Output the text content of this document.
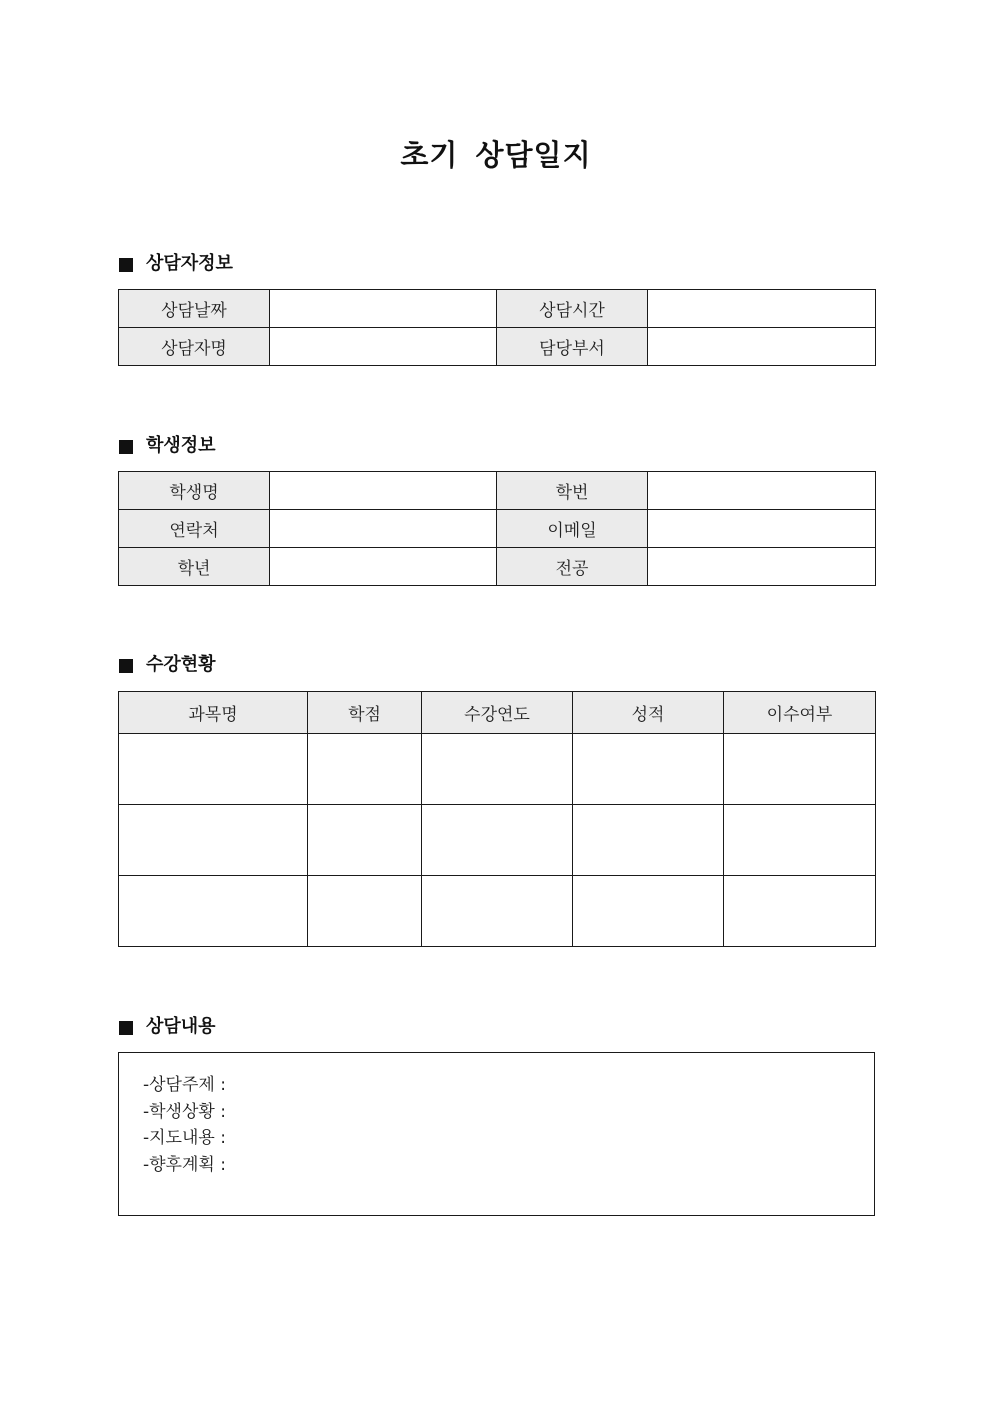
초기 상담일지
상담자정보
상담날짜		상담시간	
상담자명		담당부서	
학생정보
학생명		학번	
연락처		이메일	
학년		전공	
수강현황
과목명	학점	수강연도	성적	이수여부

상담내용
-상담주제 :
-학생상황 :
-지도내용 :
-향후계획 :
